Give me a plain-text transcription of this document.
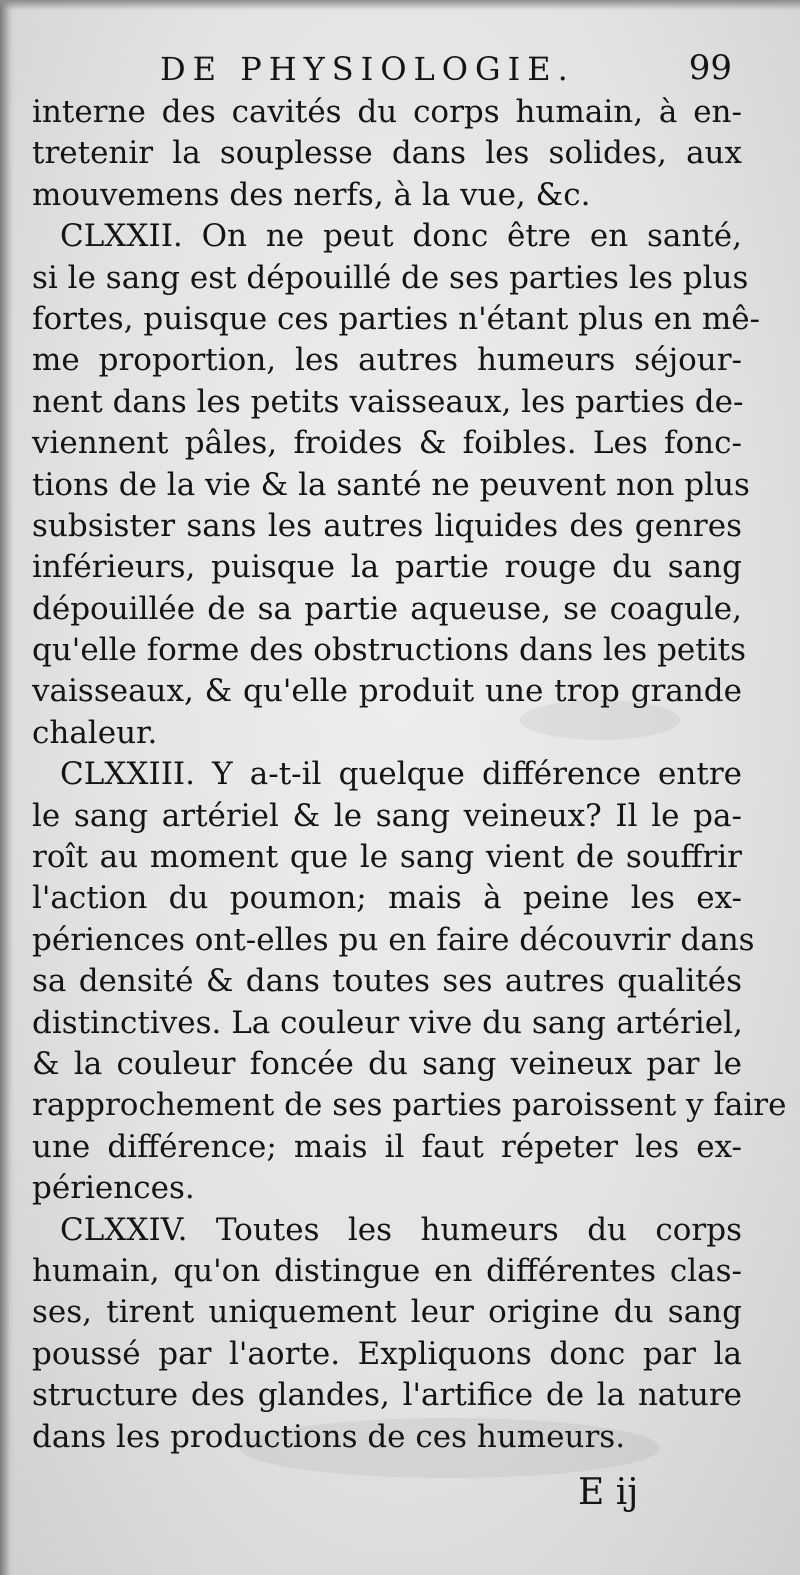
DE PHYSIOLOGIE.	99
interne des cavités du corps humain, à en-
tretenir la souplesse dans les solides, aux
mouvemens des nerfs, à la vue, &c.
CLXXII. On ne peut donc être en santé,
si le sang est dépouillé de ses parties les plus
fortes, puisque ces parties n'étant plus en mê-
me proportion, les autres humeurs séjour-
nent dans les petits vaisseaux, les parties de-
viennent pâles, froides & foibles. Les fonc-
tions de la vie & la santé ne peuvent non plus
subsister sans les autres liquides des genres
inférieurs, puisque la partie rouge du sang
dépouillée de sa partie aqueuse, se coagule,
qu'elle forme des obstructions dans les petits
vaisseaux, & qu'elle produit une trop grande
chaleur.
CLXXIII. Y a-t-il quelque différence entre
le sang artériel & le sang veineux? Il le pa-
roît au moment que le sang vient de souffrir
l'action du poumon; mais à peine les ex-
périences ont-elles pu en faire découvrir dans
sa densité & dans toutes ses autres qualités
distinctives. La couleur vive du sang artériel,
& la couleur foncée du sang veineux par le
rapprochement de ses parties paroissent y faire
une différence; mais il faut répeter les ex-
périences.
CLXXIV. Toutes les humeurs du corps
humain, qu'on distingue en différentes clas-
ses, tirent uniquement leur origine du sang
poussé par l'aorte. Expliquons donc par la
structure des glandes, l'artifice de la nature
dans les productions de ces humeurs.
E ij
